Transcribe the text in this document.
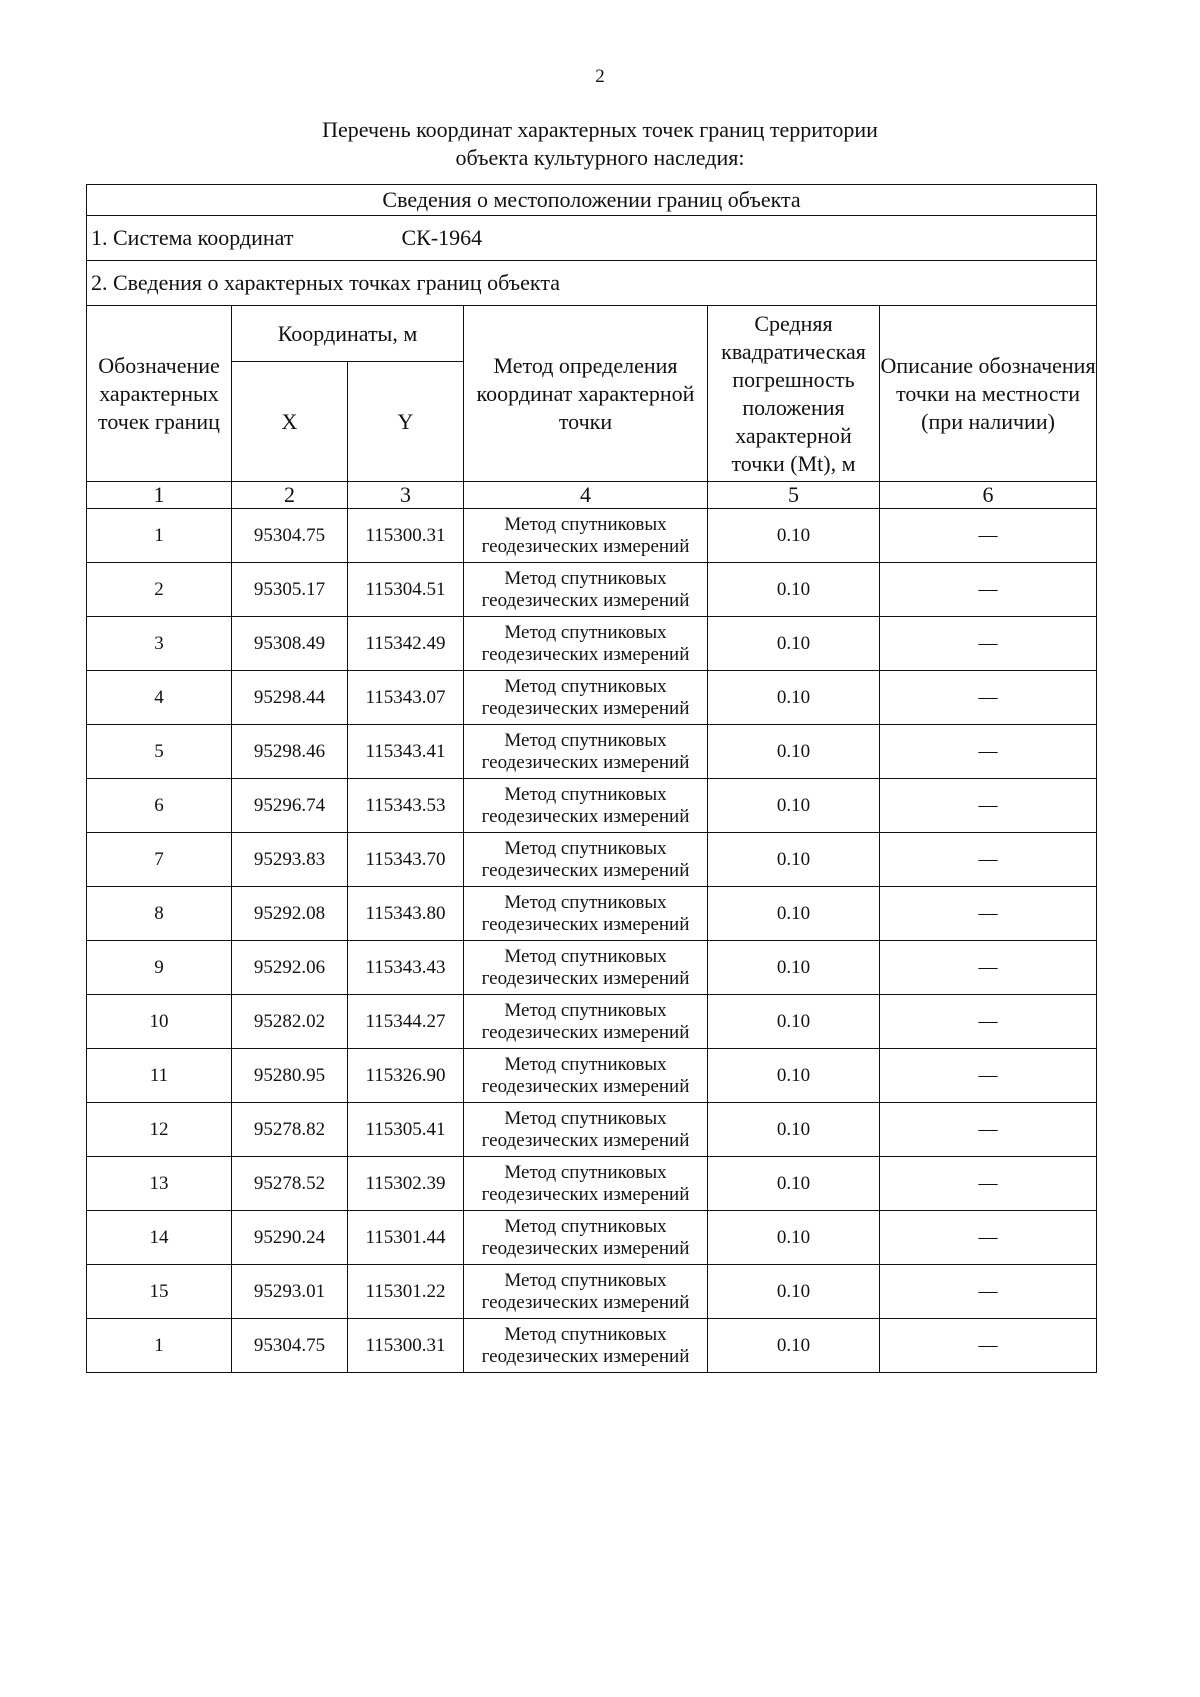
2
Перечень координат характерных точек границ территории
объекта культурного наследия:
Сведения о местоположении границ объекта					
1. Система координат СК-1964					
2. Сведения о характерных точках границ объекта					
Обозначение характерных точек границ	Координаты, м		Метод определения координат характерной точки	Средняя квадратическая погрешность положения характерной точки (Mt), м	Описание обозначения точки на местности (при наличии)
	X	Y			
1	2	3	4	5	6
1	95304.75	115300.31	Метод спутниковых геодезических измерений	0.10	—
2	95305.17	115304.51	Метод спутниковых геодезических измерений	0.10	—
3	95308.49	115342.49	Метод спутниковых геодезических измерений	0.10	—
4	95298.44	115343.07	Метод спутниковых геодезических измерений	0.10	—
5	95298.46	115343.41	Метод спутниковых геодезических измерений	0.10	—
6	95296.74	115343.53	Метод спутниковых геодезических измерений	0.10	—
7	95293.83	115343.70	Метод спутниковых геодезических измерений	0.10	—
8	95292.08	115343.80	Метод спутниковых геодезических измерений	0.10	—
9	95292.06	115343.43	Метод спутниковых геодезических измерений	0.10	—
10	95282.02	115344.27	Метод спутниковых геодезических измерений	0.10	—
11	95280.95	115326.90	Метод спутниковых геодезических измерений	0.10	—
12	95278.82	115305.41	Метод спутниковых геодезических измерений	0.10	—
13	95278.52	115302.39	Метод спутниковых геодезических измерений	0.10	—
14	95290.24	115301.44	Метод спутниковых геодезических измерений	0.10	—
15	95293.01	115301.22	Метод спутниковых геодезических измерений	0.10	—
1	95304.75	115300.31	Метод спутниковых геодезических измерений	0.10	—
